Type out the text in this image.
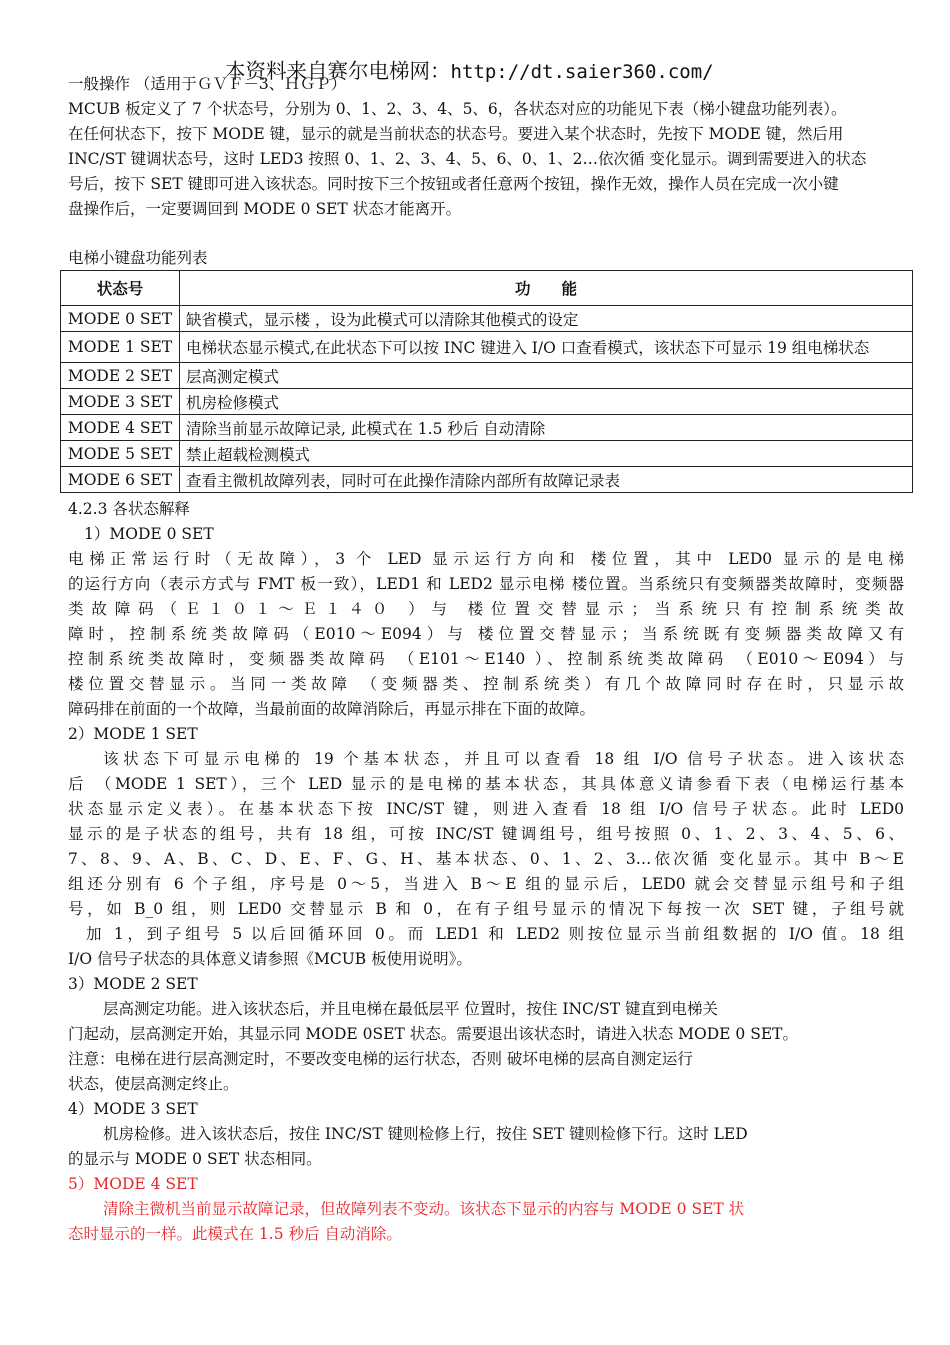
本资料来自赛尔电梯网：http://dt.saier360.com/
一般操作 （适用于ＧＶＦ－3、ＨＧＰ）
MCUB 板定义了 7 个状态号，分别为 0、1、2、3、4、5、6，各状态对应的功能见下表（梯小键盘功能列表）。
在任何状态下，按下 MODE 键，显示的就是当前状态的状态号。要进入某个状态时，先按下 MODE 键，然后用
INC/ST 键调状态号，这时 LED3 按照 0、1、2、3、4、5、6、0、1、2…依次循 变化显示。调到需要进入的状态
号后，按下 SET 键即可进入该状态。同时按下三个按钮或者任意两个按钮，操作无效，操作人员在完成一次小键
盘操作后，一定要调回到 MODE 0 SET 状态才能离开。
电梯小键盘功能列表
状态号	功　　能
MODE 0 SET	缺省模式，显示楼 ，设为此模式可以清除其他模式的设定
MODE 1 SET	电梯状态显示模式,在此状态下可以按 INC 键进入 I/O 口查看模式，该状态下可显示 19 组电梯状态
MODE 2 SET	层高测定模式
MODE 3 SET	机房检修模式
MODE 4 SET	清除当前显示故障记录, 此模式在 1.5 秒后 自动清除
MODE 5 SET	禁止超载检测模式
MODE 6 SET	查看主微机故障列表，同时可在此操作清除内部所有故障记录表
4.2.3 各状态解释
1）MODE 0 SET
电梯正常运行时（无故障），3 个 LED 显示运行方向和 楼位置，其中 LED0 显示的是电梯
的运行方向（表示方式与 FMT 板一致），LED1 和 LED2 显示电梯 楼位置。当系统只有变频器类故障时，变频器
类故障码（Ｅ１０１～Ｅ１４０ ）与 楼位置交替显示；当系统只有控制系统类故
障时，控制系统类故障码（E010～E094）与 楼位置交替显示；当系统既有变频器类故障又有
控制系统类故障时，变频器类故障码 （E101～E140 ）、控制系统类故障码 （E010～E094）与
楼位置交替显示。当同一类故障 （变频器类、控制系统类）有几个故障同时存在时，只显示故
障码排在前面的一个故障，当最前面的故障消除后，再显示排在下面的故障。
2）MODE 1 SET
该状态下可显示电梯的 19 个基本状态，并且可以查看 18 组 I/O 信号子状态。进入该状态
后 （MODE 1 SET），三个 LED 显示的是电梯的基本状态，其具体意义请参看下表（电梯运行基本
状态显示定义表）。在基本状态下按 INC/ST 键，则进入查看 18 组 I/O 信号子状态。此时 LED0
显示的是子状态的组号，共有 18 组，可按 INC/ST 键调组号，组号按照 0、1、2、3、4、5、6、
7、8、9、A、B、C、D、E、F、G、H、基本状态、0、1、2、3…依次循 变化显示。其中 B～E
组还分别有 6 个子组，序号是 0～5，当进入 B～E 组的显示后，LED0 就会交替显示组号和子组
号，如 B_0 组，则 LED0 交替显示 B 和 0，在有子组号显示的情况下每按一次 SET 键，子组号就
加 1，到子组号 5 以后回循环回 0。而 LED1 和 LED2 则按位显示当前组数据的 I/O 值。18 组
I/O 信号子状态的具体意义请参照《MCUB 板使用说明》。
3）MODE 2 SET
层高测定功能。进入该状态后，并且电梯在最低层平 位置时，按住 INC/ST 键直到电梯关
门起动，层高测定开始，其显示同 MODE 0SET 状态。需要退出该状态时，请进入状态 MODE 0 SET。
注意：电梯在进行层高测定时，不要改变电梯的运行状态，否则 破坏电梯的层高自测定运行
状态，使层高测定终止。
4）MODE 3 SET
机房检修。进入该状态后，按住 INC/ST 键则检修上行，按住 SET 键则检修下行。这时 LED
的显示与 MODE 0 SET 状态相同。
5）MODE 4 SET
清除主微机当前显示故障记录，但故障列表不变动。该状态下显示的内容与 MODE 0 SET 状
态时显示的一样。此模式在 1.5 秒后 自动消除。
